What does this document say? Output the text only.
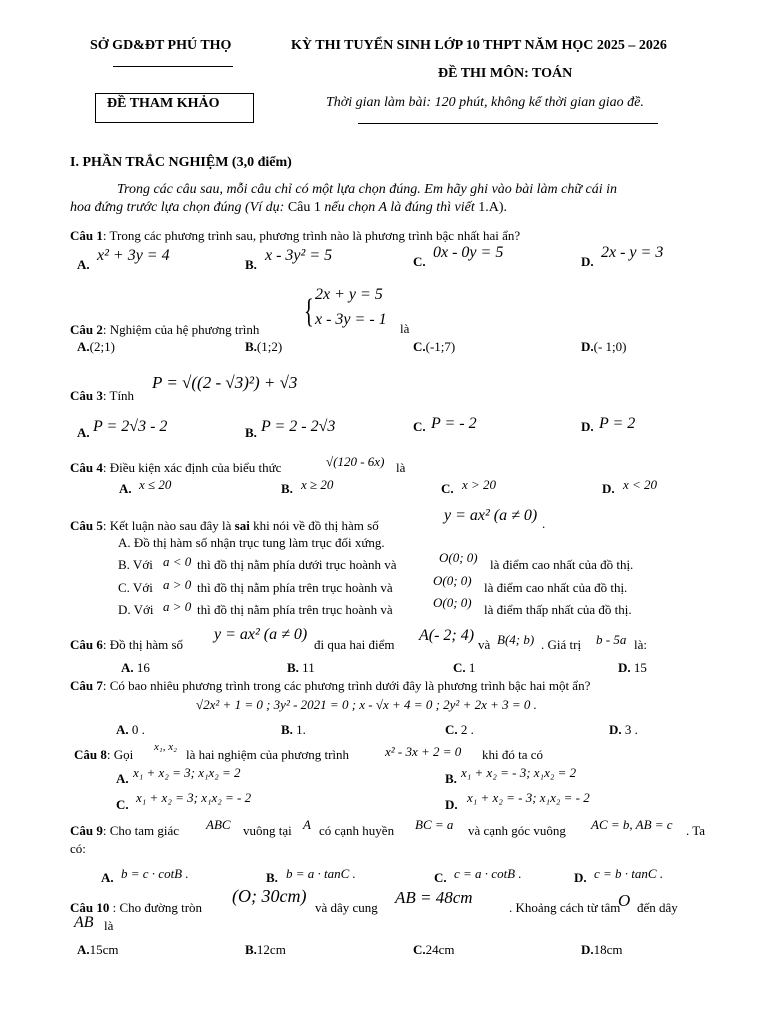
SỞ GD&ĐT PHÚ THỌ	KỲ THI TUYỂN SINH LỚP 10 THPT NĂM HỌC 2025 – 2026
ĐỀ THI MÔN: TOÁN
ĐỀ THAM KHẢO	Thời gian làm bài: 120 phút, không kể thời gian giao đề.
I. PHẦN TRẮC NGHIỆM (3,0 điểm)
Trong các câu sau, mỗi câu chỉ có một lựa chọn đúng. Em hãy ghi vào bài làm chữ cái in
hoa đứng trước lựa chọn đúng (Ví dụ: Câu 1 nếu chọn A là đúng thì viết 1.A).
Câu 1: Trong các phương trình sau, phương trình nào là phương trình bậc nhất hai ẩn?
A.
x² + 3y = 4
B.
x - 3y² = 5	C.
0x - 0y = 5
D.
2x - y = 3
Câu 2: Nghiệm của hệ phương trình { 2x + y = 5
x - 3y = - 1
là
A.(2;1)	B.(1;2)	C.(-1;7)	D.(- 1;0)
Câu 3: Tính
P = √((2 - √3)²) + √3
A. P = 2√3 - 2	B. P = 2 - 2√3	C. P = - 2	D. P = 2
Câu 4: Điều kiện xác định của biểu thức	√(120 - 6x) là
A. x ≤ 20	B. x ≥ 20	C. x > 20	D. x < 20
Câu 5: Kết luận nào sau đây là sai khi nói về đồ thị hàm số
y = ax² (a ≠ 0) .
A. Đồ thị hàm số nhận trục tung làm trục đối xứng.
B. Với a < 0 thì đồ thị nằm phía dưới trục hoành và	O(0; 0) là điểm cao nhất của đồ thị.
C. Với a > 0 thì đồ thị nằm phía trên trục hoành và	O(0; 0) là điểm cao nhất của đồ thị.
D. Với a > 0 thì đồ thị nằm phía trên trục hoành và	O(0; 0) là điểm thấp nhất của đồ thị.
Câu 6: Đồ thị hàm số
y = ax² (a ≠ 0)
đi qua hai điểm
A(- 2; 4)
và B(4; b) . Giá trị b - 5a là:
A. 16	B. 11	C. 1	D. 15
Câu 7: Có bao nhiêu phương trình trong các phương trình dưới đây là phương trình bậc hai một ẩn?
√2x² + 1 = 0 ; 3y² - 2021 = 0 ; x - √x + 4 = 0 ; 2y² + 2x + 3 = 0 .
A. 0 .	B. 1.	C. 2 .	D. 3 .
Câu 8: Gọi x₁, x₂ là hai nghiệm của phương trình	x² - 3x + 2 = 0 khi đó ta có
A. x₁ + x₂ = 3; x₁x₂ = 2	B. x₁ + x₂ = - 3; x₁x₂ = 2
C. x₁ + x₂ = 3; x₁x₂ = - 2	D. x₁ + x₂ = - 3; x₁x₂ = - 2
Câu 9: Cho tam giác ABC vuông tại A có cạnh huyền BC = a và cạnh góc vuông AC = b, AB = c . Ta
có:
A. b = c · cotB .	B. b = a · tanC .	C. c = a · cotB .	D. c = b · tanC .
Câu 10 : Cho đường tròn
(O; 30cm)
và dây cung
AB = 48cm
. Khoảng cách từ tâm
O đến dây
AB là
A.15cm	B.12cm	C.24cm	D.18cm
